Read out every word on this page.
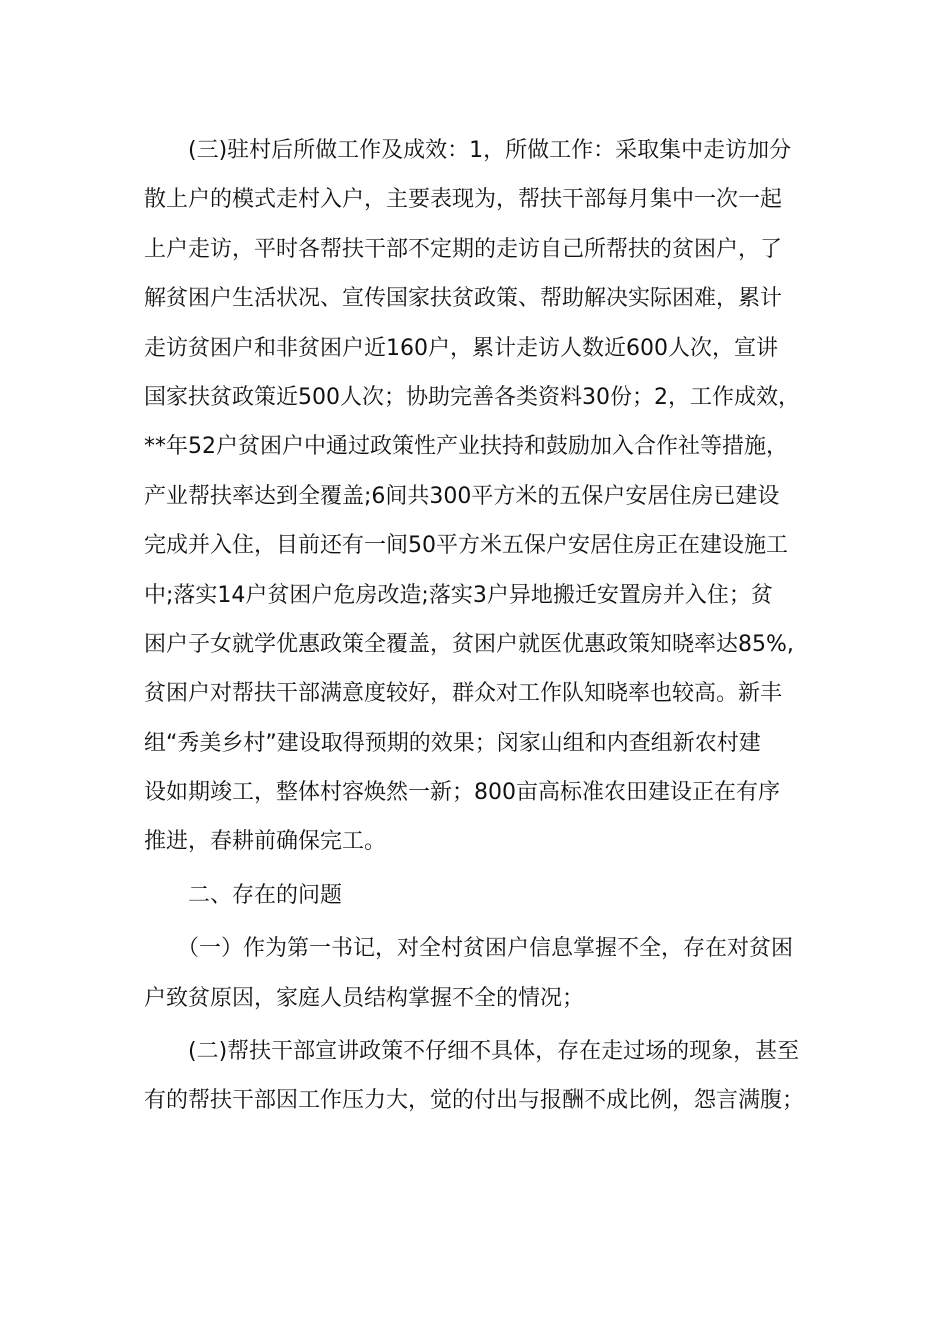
　　(三)驻村后所做工作及成效：1，所做工作：采取集中走访加分
散上户的模式走村入户，主要表现为，帮扶干部每月集中一次一起
上户走访，平时各帮扶干部不定期的走访自己所帮扶的贫困户，了
解贫困户生活状况、宣传国家扶贫政策、帮助解决实际困难，累计
走访贫困户和非贫困户近160户，累计走访人数近600人次，宣讲
国家扶贫政策近500人次；协助完善各类资料30份；2，工作成效，
**年52户贫困户中通过政策性产业扶持和鼓励加入合作社等措施，
产业帮扶率达到全覆盖;6间共300平方米的五保户安居住房已建设
完成并入住，目前还有一间50平方米五保户安居住房正在建设施工
中;落实14户贫困户危房改造;落实3户异地搬迁安置房并入住；贫
困户子女就学优惠政策全覆盖，贫困户就医优惠政策知晓率达85%,
贫困户对帮扶干部满意度较好，群众对工作队知晓率也较高。新丰
组“秀美乡村”建设取得预期的效果；闵家山组和内查组新农村建
设如期竣工，整体村容焕然一新；800亩高标准农田建设正在有序
推进，春耕前确保完工。
　　二、存在的问题
　　（一）作为第一书记，对全村贫困户信息掌握不全，存在对贫困
户致贫原因，家庭人员结构掌握不全的情况；
　　(二)帮扶干部宣讲政策不仔细不具体，存在走过场的现象，甚至
有的帮扶干部因工作压力大，觉的付出与报酬不成比例，怨言满腹；
